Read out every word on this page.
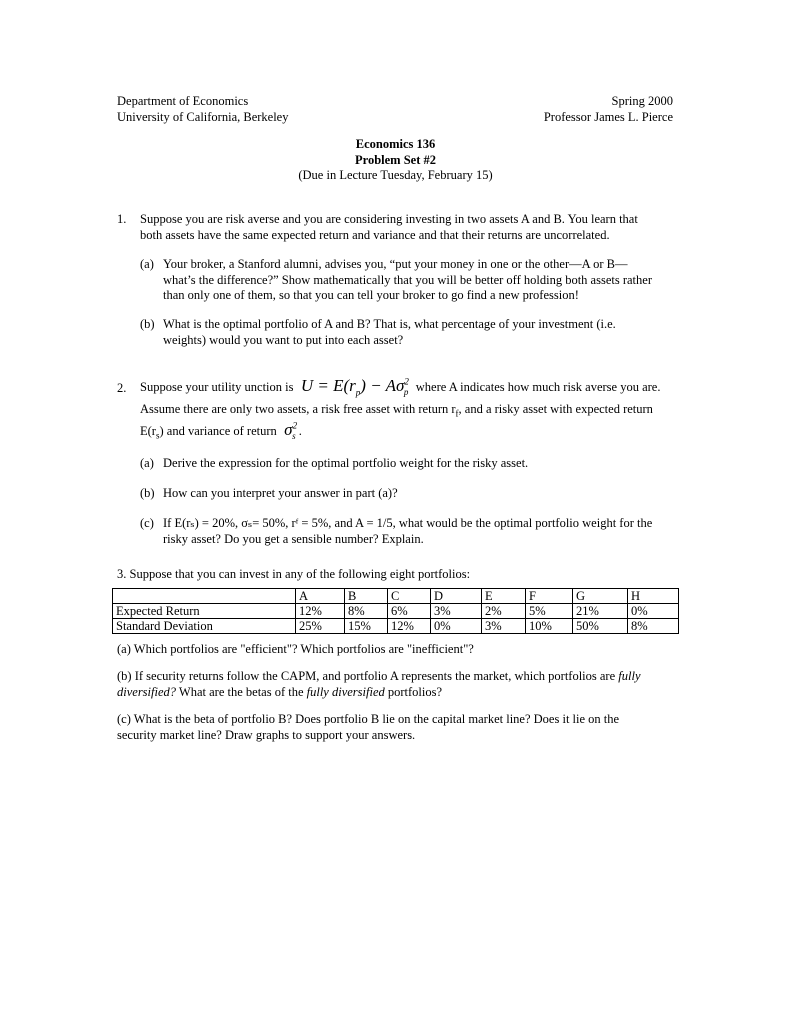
Department of Economics
University of California, Berkeley
Spring 2000
Professor James L. Pierce
Economics 136
Problem Set #2
(Due in Lecture Tuesday, February 15)
1. Suppose you are risk averse and you are considering investing in two assets A and B. You learn that
both assets have the same expected return and variance and that their returns are uncorrelated.
(a) Your broker, a Stanford alumni, advises you, “put your money in one or the other—A or B—
what’s the difference?” Show mathematically that you will be better off holding both assets rather
than only one of them, so that you can tell your broker to go find a new profession!
(b) What is the optimal portfolio of A and B? That is, what percentage of your investment (i.e.
weights) would you want to put into each asset?
2. Suppose your utility unction is  $U = E(r_p) - A\sigma^2_p$ where A indicates how much risk averse you are.
Assume there are only two assets, a risk free asset with return $r_f$, and a risky asset with expected return
$E(r_s)$ and variance of return  $\sigma^2_s$ .
(a) Derive the expression for the optimal portfolio weight for the risky asset.
(b) How can you interpret your answer in part (a)?
(c) If E(rₛ) = 20%, σₛ= 50%, rᶠ = 5%, and A = 1/5, what would be the optimal portfolio weight for the
risky asset? Do you get a sensible number? Explain.
3. Suppose that you can invest in any of the following eight portfolios:
	A	B	C	D	E	F	G	H
Expected Return	12%	8%	6%	3%	2%	5%	21%	0%
Standard Deviation	25%	15%	12%	0%	3%	10%	50%	8%
(a) Which portfolios are "efficient"? Which portfolios are "inefficient"?
(b) If security returns follow the CAPM, and portfolio A represents the market, which portfolios are fully
diversified? What are the betas of the fully diversified portfolios?
(c) What is the beta of portfolio B? Does portfolio B lie on the capital market line? Does it lie on the
security market line? Draw graphs to support your answers.
